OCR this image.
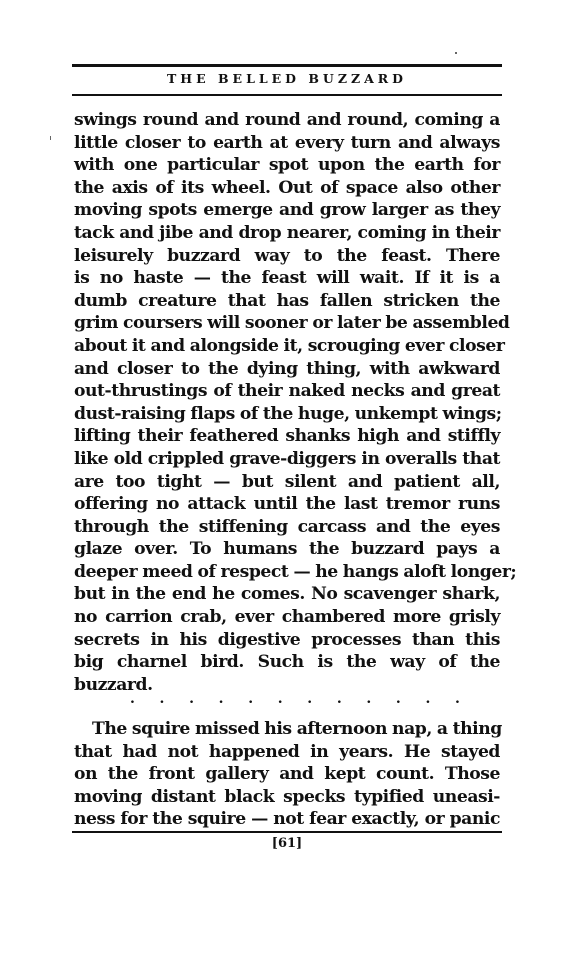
THE BELLED BUZZARD
swings round and round and round, coming a
little closer to earth at every turn and always
with one particular spot upon the earth for
the axis of its wheel. Out of space also other
moving spots emerge and grow larger as they
tack and jibe and drop nearer, coming in their
leisurely buzzard way to the feast. There
is no haste — the feast will wait. If it is a
dumb creature that has fallen stricken the
grim coursers will sooner or later be assembled
about it and alongside it, scrouging ever closer
and closer to the dying thing, with awkward
out-thrustings of their naked necks and great
dust-raising flaps of the huge, unkempt wings;
lifting their feathered shanks high and stiffly
like old crippled grave-diggers in overalls that
are too tight — but silent and patient all,
offering no attack until the last tremor runs
through the stiffening carcass and the eyes
glaze over. To humans the buzzard pays a
deeper meed of respect — he hangs aloft longer;
but in the end he comes. No scavenger shark,
no carrion crab, ever chambered more grisly
secrets in his digestive processes than this
big charnel bird. Such is the way of the
buzzard.
. . . . . . . . . . . .
The squire missed his afternoon nap, a thing
that had not happened in years. He stayed
on the front gallery and kept count. Those
moving distant black specks typified uneasi-
ness for the squire — not fear exactly, or panic
[61]
